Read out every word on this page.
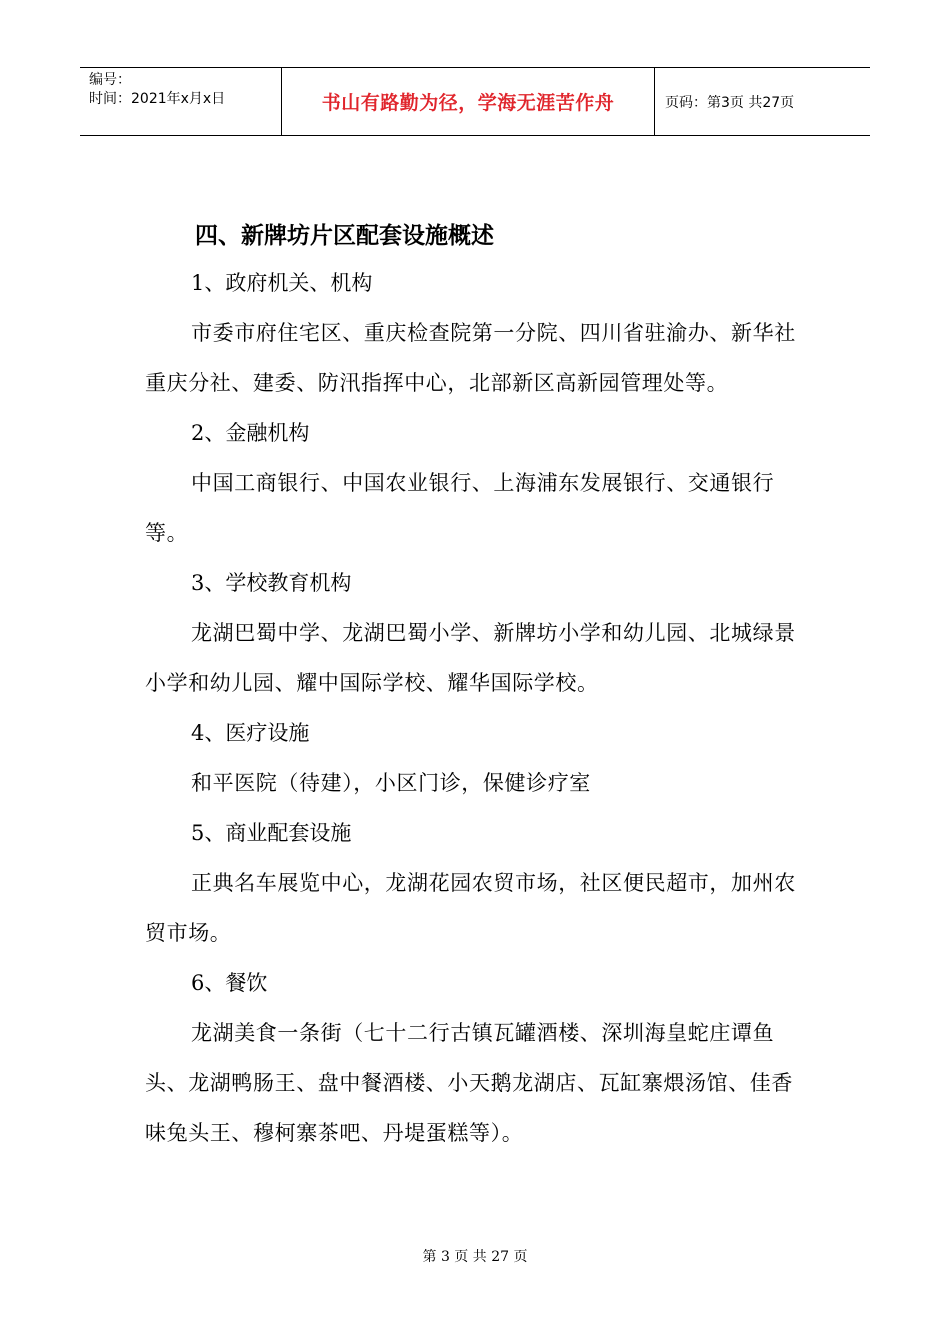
编号：
时间：2021年x月x日	书山有路勤为径，学海无涯苦作舟	页码：第3页 共27页
四、新牌坊片区配套设施概述
1、政府机关、机构

市委市府住宅区、重庆检查院第一分院、四川省驻渝办、新华社重庆分社、建委、防汛指挥中心，北部新区高新园管理处等。

2、金融机构

中国工商银行、中国农业银行、上海浦东发展银行、交通银行等。

3、学校教育机构

龙湖巴蜀中学、龙湖巴蜀小学、新牌坊小学和幼儿园、北城绿景小学和幼儿园、耀中国际学校、耀华国际学校。

4、医疗设施

和平医院（待建），小区门诊，保健诊疗室

5、商业配套设施

正典名车展览中心，龙湖花园农贸市场，社区便民超市，加州农贸市场。

6、餐饮

龙湖美食一条街（七十二行古镇瓦罐酒楼、深圳海皇蛇庄谭鱼头、龙湖鸭肠王、盘中餐酒楼、小天鹅龙湖店、瓦缸寨煨汤馆、佳香味兔头王、穆柯寨茶吧、丹堤蛋糕等）。

第 3 页 共 27 页
